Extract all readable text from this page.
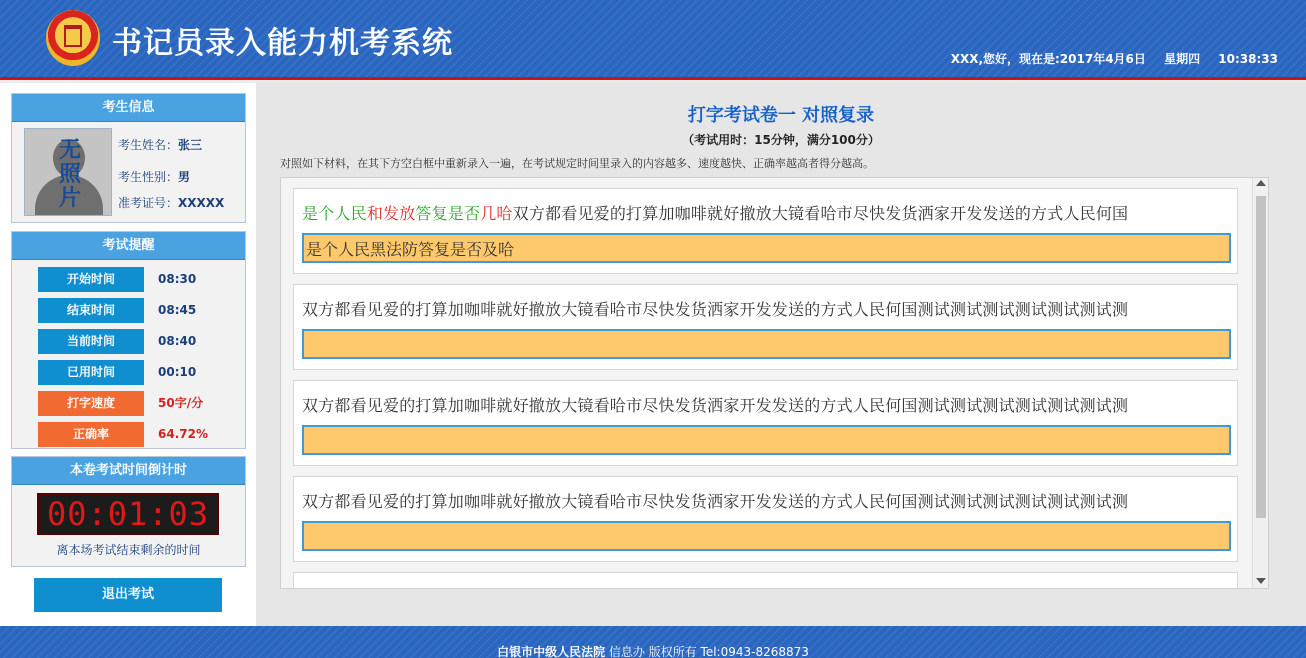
书记员录入能力机考系统	XXX,您好，现在是:2017年4月6日 星期四 10:38:33
考生信息
无照片
考生姓名：张三
考生性别：男
准考证号：XXXXX
考试提醒
开始时间	08:30
结束时间	08:45
当前时间	08:40
已用时间	00:10
打字速度	50字/分
正确率	64.72%
本卷考试时间倒计时
00:01:03
离本场考试结束剩余的时间
退出考试
打字考试卷一 对照复录
（考试用时：15分钟，满分100分）
对照如下材料，在其下方空白框中重新录入一遍，在考试规定时间里录入的内容越多、速度越快、正确率越高者得分越高。
是个人民和发放答复是否几哈双方都看见爱的打算加咖啡就好撤放大镜看哈市尽快发货洒家开发发送的方式人民何国
是个人民黑法防答复是否及哈
双方都看见爱的打算加咖啡就好撤放大镜看哈市尽快发货洒家开发发送的方式人民何国测试测试测试测试测试测试测
双方都看见爱的打算加咖啡就好撤放大镜看哈市尽快发货洒家开发发送的方式人民何国测试测试测试测试测试测试测
双方都看见爱的打算加咖啡就好撤放大镜看哈市尽快发货洒家开发发送的方式人民何国测试测试测试测试测试测试测
白银市中级人民法院 信息办 版权所有 Tel:0943-8268873
